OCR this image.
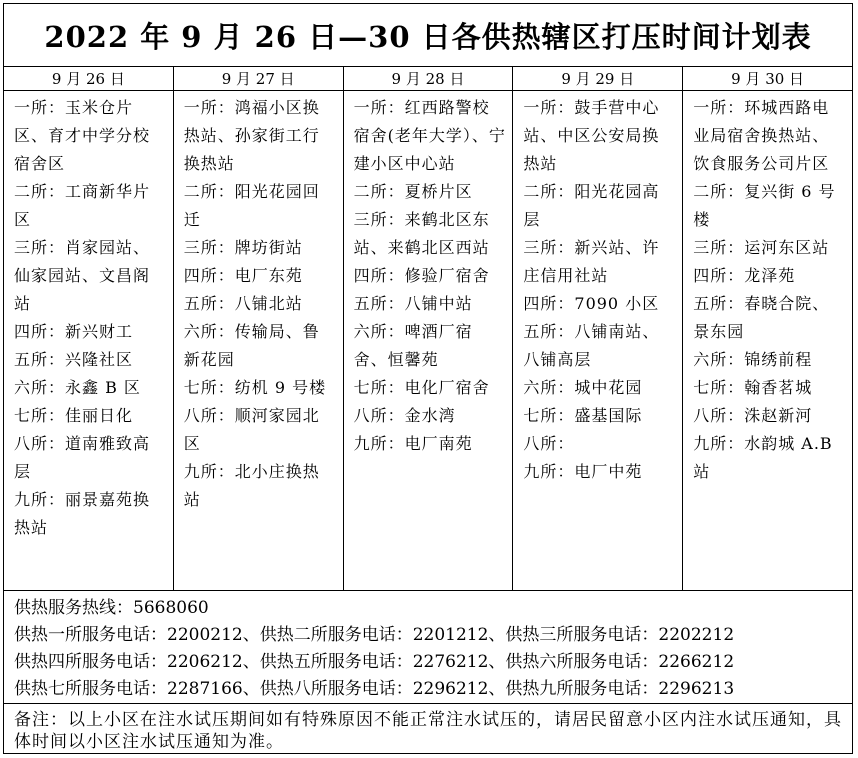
2022 年 9 月 26 日—30 日各供热辖区打压时间计划表
9 月 26 日
一所：玉米仓片区、育才中学分校宿舍区
二所：工商新华片区
三所：肖家园站、仙家园站、文昌阁站
四所：新兴财工
五所：兴隆社区
六所：永鑫 B 区
七所：佳丽日化
八所：道南雅致高层
九所：丽景嘉苑换热站
9 月 27 日
一所：鸿福小区换热站、孙家街工行换热站
二所：阳光花园回迁
三所：牌坊街站
四所：电厂东苑
五所：八铺北站
六所：传输局、鲁新花园
七所：纺机 9 号楼
八所：顺河家园北区
九所：北小庄换热站
9 月 28 日
一所：红西路警校宿舍(老年大学）、宁建小区中心站
二所：夏桥片区
三所：来鹤北区东站、来鹤北区西站
四所：修验厂宿舍
五所：八铺中站
六所：啤酒厂宿舍、恒馨苑
七所：电化厂宿舍
八所：金水湾
九所：电厂南苑
9 月 29 日
一所：鼓手营中心站、中区公安局换热站
二所：阳光花园高层
三所：新兴站、许庄信用社站
四所：7090 小区
五所：八铺南站、八铺高层
六所：城中花园
七所：盛基国际
八所：
九所：电厂中苑
9 月 30 日
一所：环城西路电业局宿舍换热站、饮食服务公司片区
二所：复兴街 6 号楼
三所：运河东区站
四所：龙泽苑
五所：春晓合院、景东园
六所：锦绣前程
七所：翰香茗城
八所：洙赵新河
九所：水韵城 A.B 站
供热服务热线：5668060
供热一所服务电话：2200212、供热二所服务电话：2201212、供热三所服务电话：2202212
供热四所服务电话：2206212、供热五所服务电话：2276212、供热六所服务电话：2266212
供热七所服务电话：2287166、供热八所服务电话：2296212、供热九所服务电话：2296213
备注：以上小区在注水试压期间如有特殊原因不能正常注水试压的，请居民留意小区内注水试压通知，具体时间以小区注水试压通知为准。
